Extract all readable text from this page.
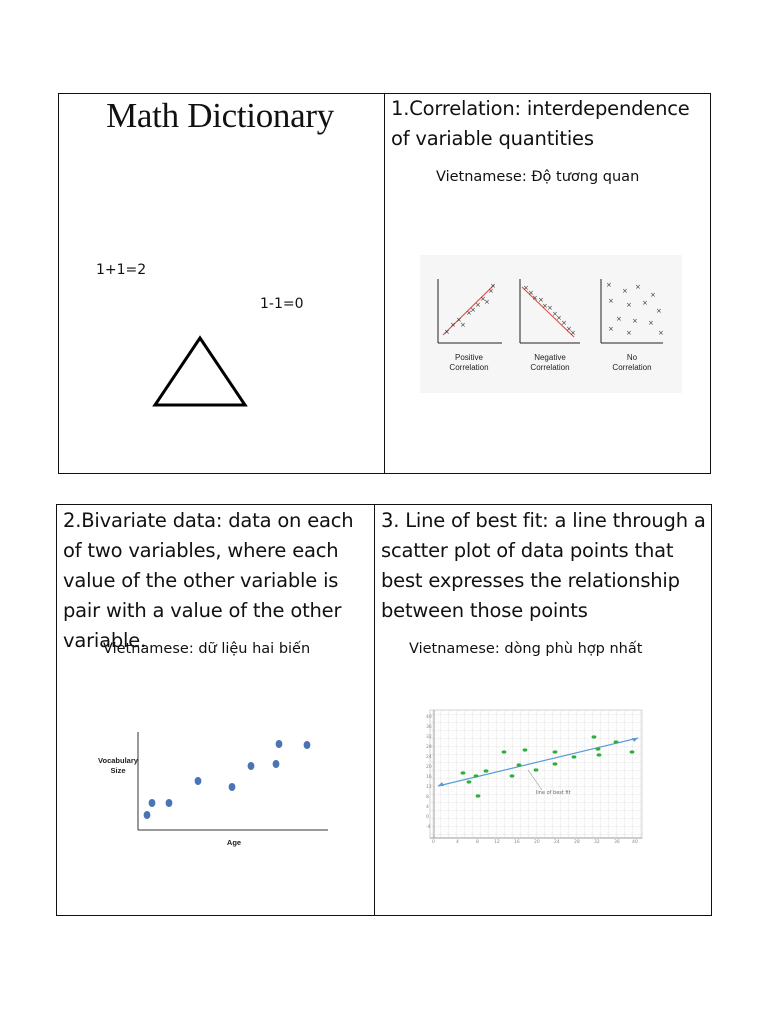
Math Dictionary
1+1=2
1-1=0
1.Correlation: interdependence of variable quantities
Vietnamese: Độ tương quan
×
×
×
×
×
×
×
×
×
×
×
Positive
Correlation
×
×
× ×
× ×
×
×
×
×
×
Negative
Correlation
×
× ×
×
× × ×
×
× × ×
× ×	×
No
Correlation
2.Bivariate data: data on each of two variables, where each value of the other variable is pair with a value of the other variable.
Vietnamese: dữ liệu hai biến
Vocabulary
Size
Age
3. Line of best fit: a line through a scatter plot of data points that best expresses the relationship between those points
Vietnamese: dòng phù hợp nhất
40
36
32
28
24
20
16
12
8
4
0
-4
0	4	8	12	16	20	24	28	32	36	40
line of best fit
